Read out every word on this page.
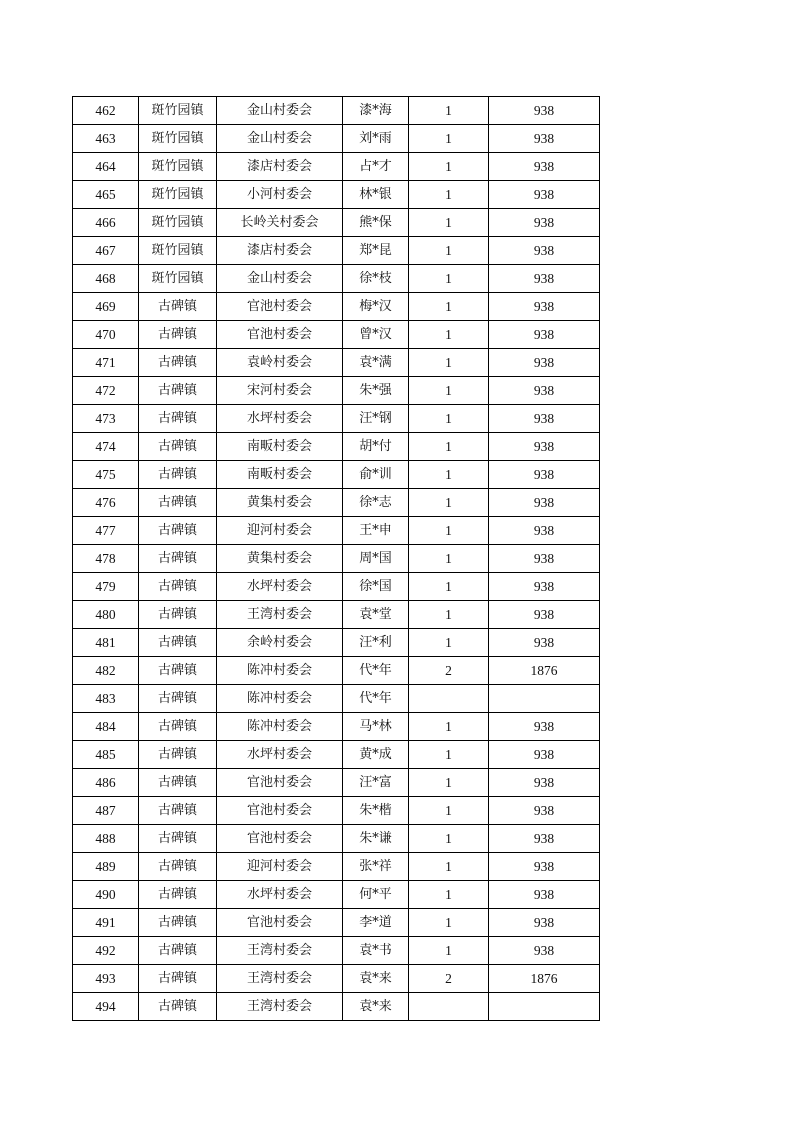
462	斑竹园镇	金山村委会	漆*海	1	938
463	斑竹园镇	金山村委会	刘*雨	1	938
464	斑竹园镇	漆店村委会	占*才	1	938
465	斑竹园镇	小河村委会	林*银	1	938
466	斑竹园镇	长岭关村委会	熊*保	1	938
467	斑竹园镇	漆店村委会	郑*昆	1	938
468	斑竹园镇	金山村委会	徐*枝	1	938
469	古碑镇	官池村委会	梅*汉	1	938
470	古碑镇	官池村委会	曾*汉	1	938
471	古碑镇	袁岭村委会	袁*满	1	938
472	古碑镇	宋河村委会	朱*强	1	938
473	古碑镇	水坪村委会	汪*钢	1	938
474	古碑镇	南畈村委会	胡*付	1	938
475	古碑镇	南畈村委会	俞*训	1	938
476	古碑镇	黄集村委会	徐*志	1	938
477	古碑镇	迎河村委会	王*申	1	938
478	古碑镇	黄集村委会	周*国	1	938
479	古碑镇	水坪村委会	徐*国	1	938
480	古碑镇	王湾村委会	袁*堂	1	938
481	古碑镇	余岭村委会	汪*利	1	938
482	古碑镇	陈冲村委会	代*年	2	1876
483	古碑镇	陈冲村委会	代*年		
484	古碑镇	陈冲村委会	马*林	1	938
485	古碑镇	水坪村委会	黄*成	1	938
486	古碑镇	官池村委会	汪*富	1	938
487	古碑镇	官池村委会	朱*楷	1	938
488	古碑镇	官池村委会	朱*谦	1	938
489	古碑镇	迎河村委会	张*祥	1	938
490	古碑镇	水坪村委会	何*平	1	938
491	古碑镇	官池村委会	李*道	1	938
492	古碑镇	王湾村委会	袁*书	1	938
493	古碑镇	王湾村委会	袁*来	2	1876
494	古碑镇	王湾村委会	袁*来		
